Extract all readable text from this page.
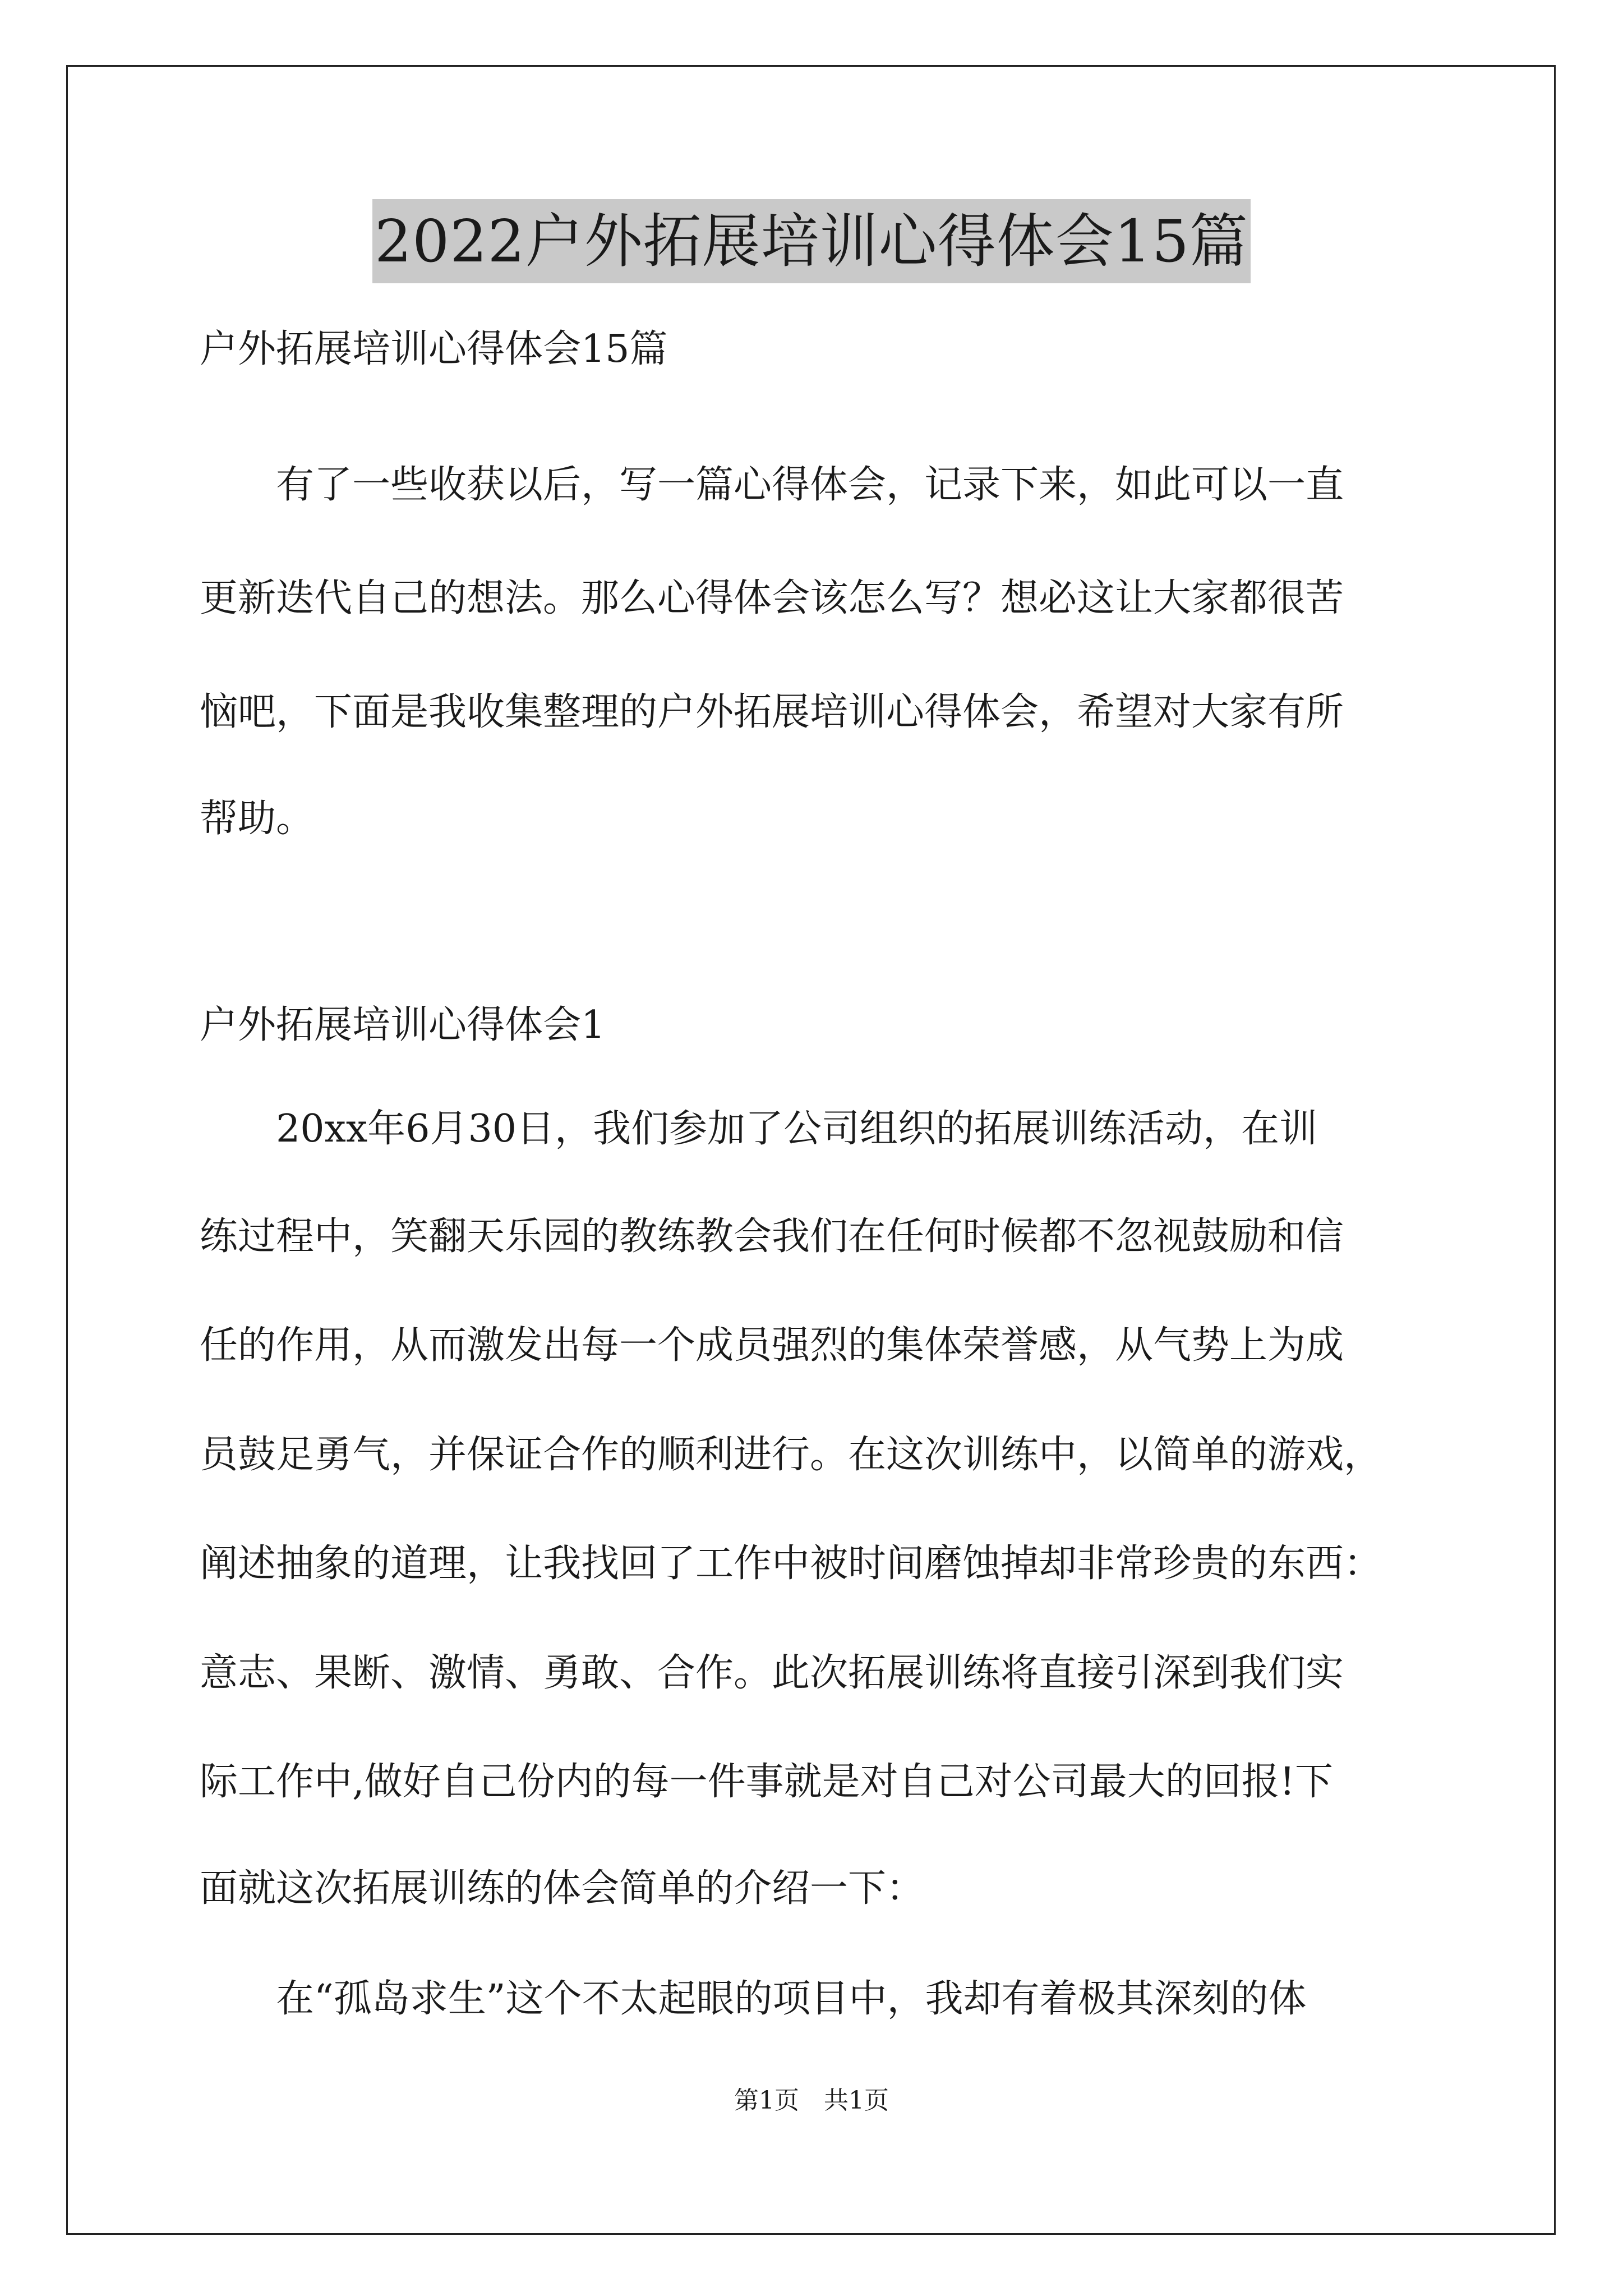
2022户外拓展培训心得体会15篇
户外拓展培训心得体会15篇
　　有了一些收获以后，写一篇心得体会，记录下来，如此可以一直
更新迭代自己的想法。那么心得体会该怎么写？想必这让大家都很苦
恼吧，下面是我收集整理的户外拓展培训心得体会，希望对大家有所
帮助。
户外拓展培训心得体会1
　　20xx年6月30日，我们参加了公司组织的拓展训练活动，在训
练过程中，笑翻天乐园的教练教会我们在任何时候都不忽视鼓励和信
任的作用，从而激发出每一个成员强烈的集体荣誉感，从气势上为成
员鼓足勇气，并保证合作的顺利进行。在这次训练中，以简单的游戏，
阐述抽象的道理，让我找回了工作中被时间磨蚀掉却非常珍贵的东西：
意志、果断、激情、勇敢、合作。此次拓展训练将直接引深到我们实
际工作中,做好自己份内的每一件事就是对自己对公司最大的回报!下
面就这次拓展训练的体会简单的介绍一下：
　　在“孤岛求生”这个不太起眼的项目中，我却有着极其深刻的体
第1页 共1页
